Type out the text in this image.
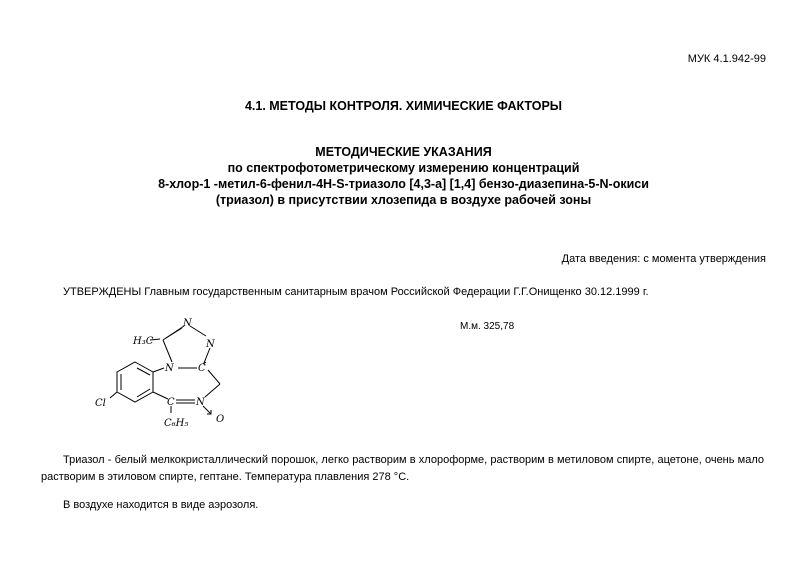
МУК 4.1.942-99
4.1. МЕТОДЫ КОНТРОЛЯ. ХИМИЧЕСКИЕ ФАКТОРЫ
МЕТОДИЧЕСКИЕ УКАЗАНИЯ
по спектрофотометрическому измерению концентраций
8-хлор-1 -метил-6-фенил-4Н-S-триазоло [4,3-а] [1,4] бензо-диазепина-5-N-окиси
(триазол) в присутствии хлозепида в воздухе рабочей зоны
Дата введения: с момента утверждения
УТВЕРЖДЕНЫ Главным государственным санитарным врачом Российской Федерации Г.Г.Онищенко 30.12.1999 г.
М.м. 325,78
H₃C
N
N
N C
Cl	C N
O
C₆H₅
Триазол - белый мелкокристаллический порошок, легко растворим в хлороформе, растворим в метиловом спирте, ацетоне, очень мало растворим в этиловом спирте, гептане. Температура плавления 278 °С.
В воздухе находится в виде аэрозоля.
